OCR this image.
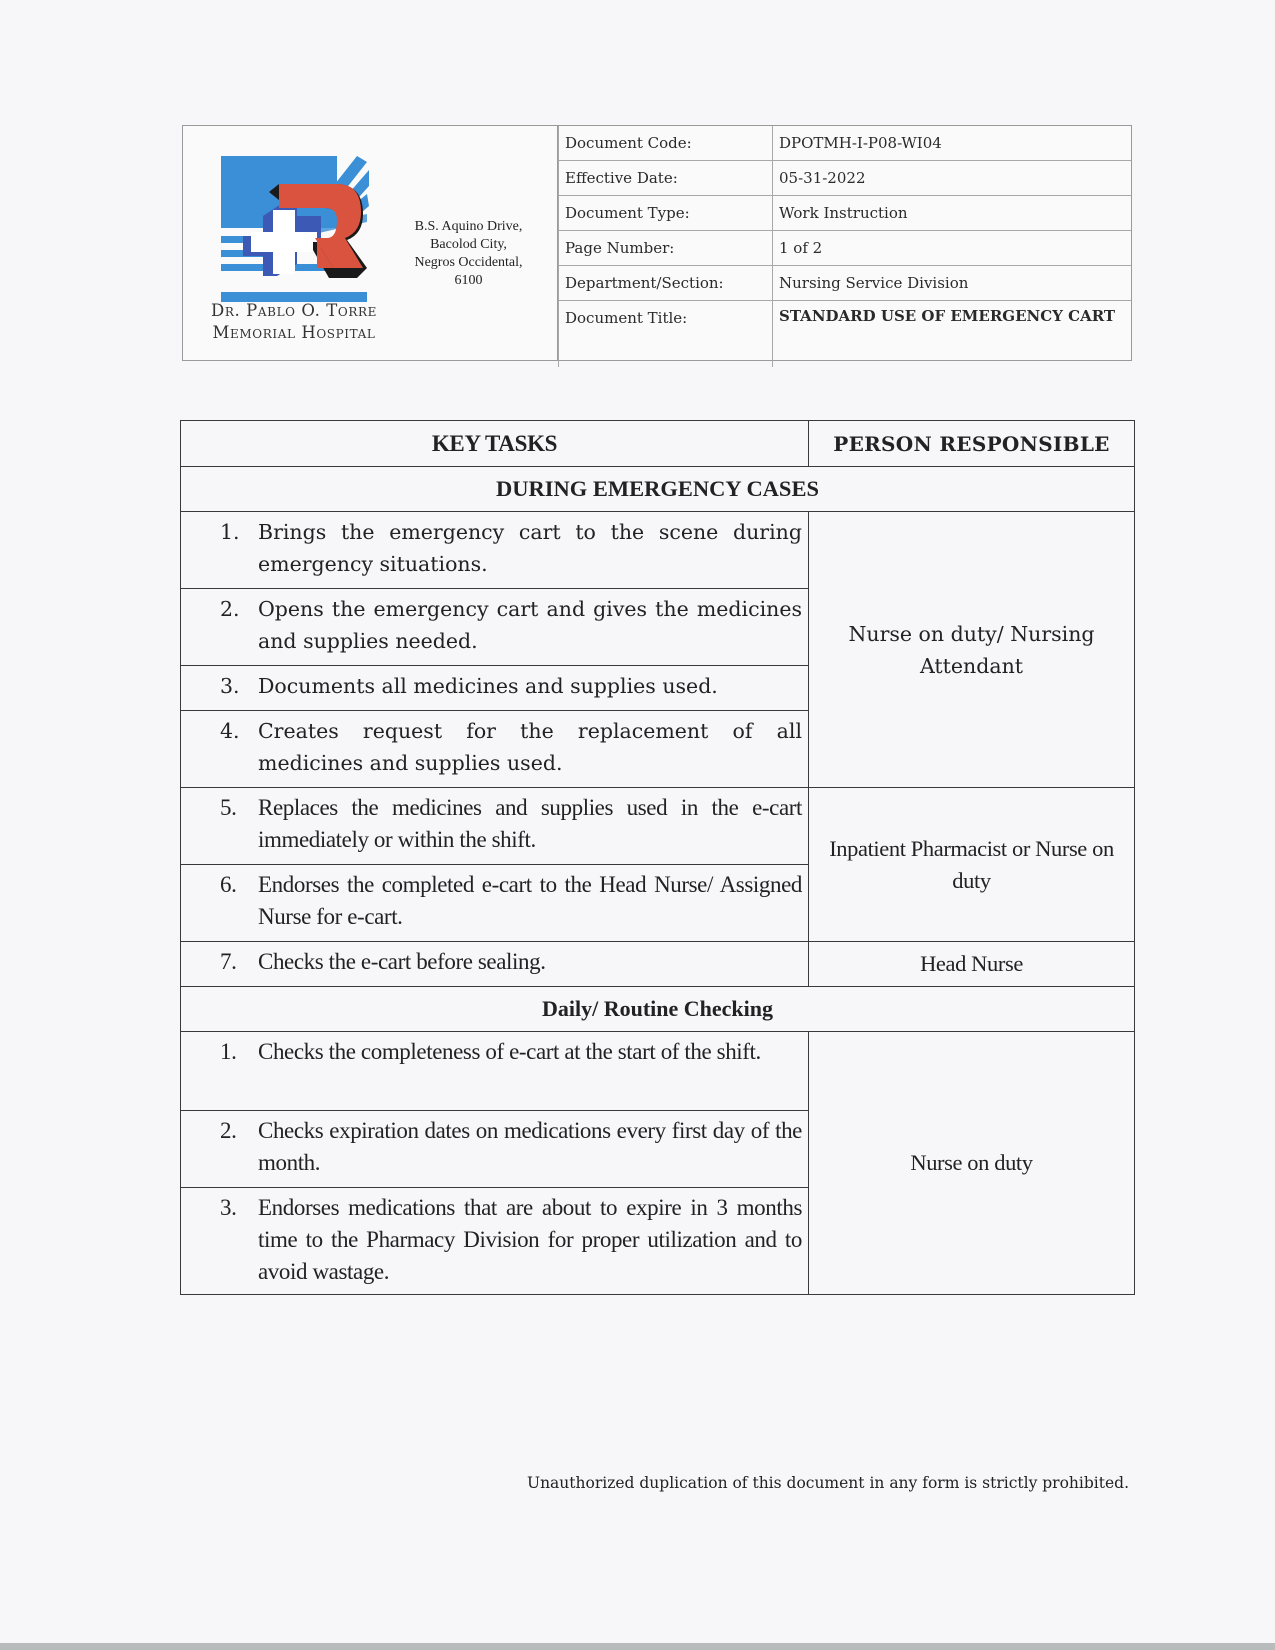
Dr. Pablo O. Torre
Memorial Hospital
B.S. Aquino Drive,
Bacolod City,
Negros Occidental,
6100
Document Code:	DPOTMH-I-P08-WI04
Effective Date:	05-31-2022
Document Type:	Work Instruction
Page Number:	1 of 2
Department/Section:	Nursing Service Division
Document Title:	STANDARD USE OF EMERGENCY CART
KEY TASKS	PERSON RESPONSIBLE
DURING EMERGENCY CASES	

1. Brings the emergency cart to the scene during emergency situations.	Nurse on duty/ Nursing Attendant

2. Opens the emergency cart and gives the medicines and supplies needed.	

3. Documents all medicines and supplies used.	

4. Creates request for the replacement of all medicines and supplies used.	

5. Replaces the medicines and supplies used in the e-cart immediately or within the shift.	Inpatient Pharmacist or Nurse on duty

6. Endorses the completed e-cart to the Head Nurse/ Assigned Nurse for e-cart.	

7. Checks the e-cart before sealing.	Head Nurse
Daily/ Routine Checking	

1. Checks the completeness of e-cart at the start of the shift.	Nurse on duty

2. Checks expiration dates on medications every first day of the month.	

3. Endorses medications that are about to expire in 3 months time to the Pharmacy Division for proper utilization and to avoid wastage.	
Unauthorized duplication of this document in any form is strictly prohibited.
